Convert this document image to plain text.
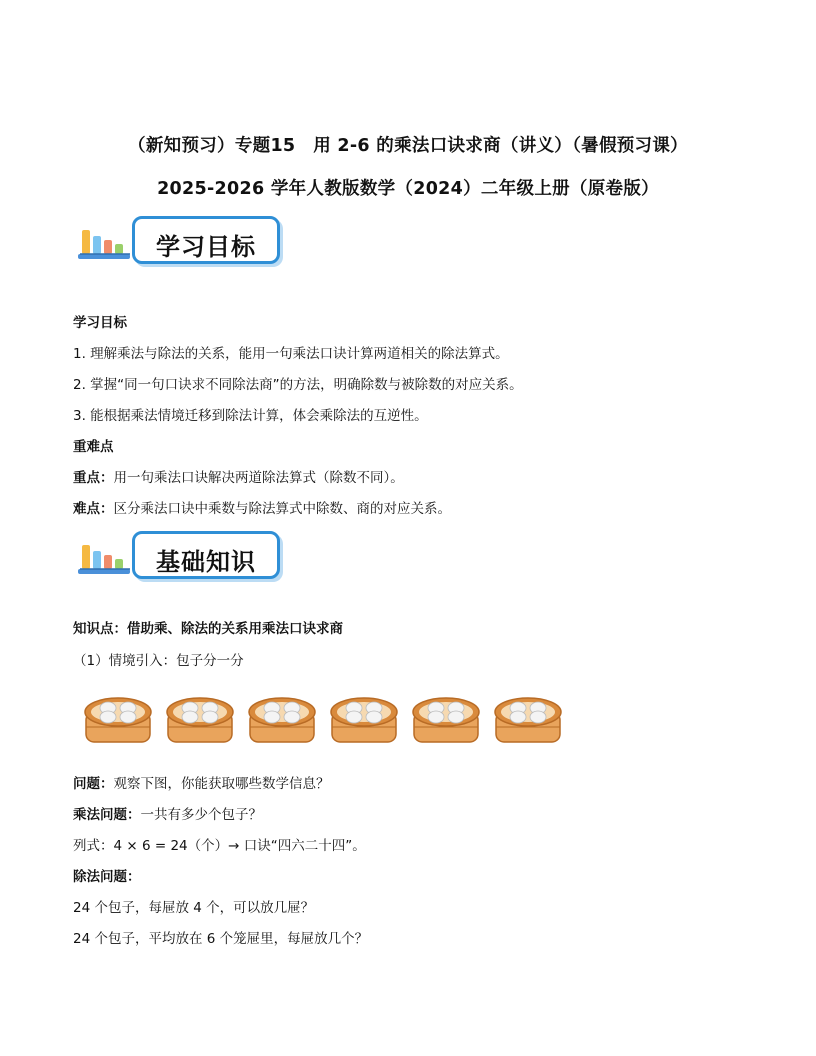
（新知预习）专题15　用 2-6 的乘法口诀求商（讲义）（暑假预习课）
2025-2026 学年人教版数学（2024）二年级上册（原卷版）
学习目标
学习目标
1. 理解乘法与除法的关系，能用一句乘法口诀计算两道相关的除法算式。
2. 掌握“同一句口诀求不同除法商”的方法，明确除数与被除数的对应关系。
3. 能根据乘法情境迁移到除法计算，体会乘除法的互逆性。
重难点
重点：用一句乘法口诀解决两道除法算式（除数不同）。
难点：区分乘法口诀中乘数与除法算式中除数、商的对应关系。
基础知识
知识点：借助乘、除法的关系用乘法口诀求商
（1）情境引入：包子分一分
问题：观察下图，你能获取哪些数学信息？
乘法问题：一共有多少个包子？
列式：4 × 6 = 24（个）→ 口诀“四六二十四”。
除法问题：
24 个包子，每屉放 4 个，可以放几屉？
24 个包子，平均放在 6 个笼屉里，每屉放几个？
